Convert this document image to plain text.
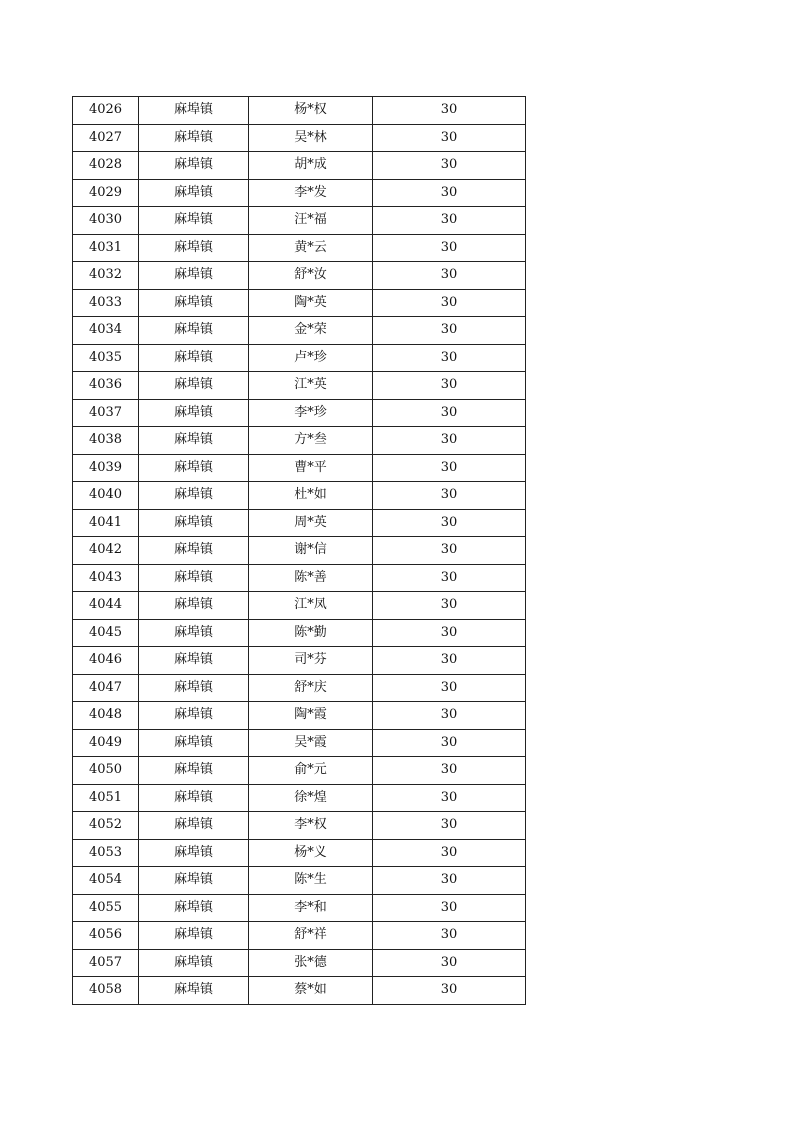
4026	麻埠镇	杨*权	30
4027	麻埠镇	吴*林	30
4028	麻埠镇	胡*成	30
4029	麻埠镇	李*发	30
4030	麻埠镇	汪*福	30
4031	麻埠镇	黄*云	30
4032	麻埠镇	舒*汝	30
4033	麻埠镇	陶*英	30
4034	麻埠镇	金*荣	30
4035	麻埠镇	卢*珍	30
4036	麻埠镇	江*英	30
4037	麻埠镇	李*珍	30
4038	麻埠镇	方*叁	30
4039	麻埠镇	曹*平	30
4040	麻埠镇	杜*如	30
4041	麻埠镇	周*英	30
4042	麻埠镇	谢*信	30
4043	麻埠镇	陈*善	30
4044	麻埠镇	江*凤	30
4045	麻埠镇	陈*勤	30
4046	麻埠镇	司*芬	30
4047	麻埠镇	舒*庆	30
4048	麻埠镇	陶*霞	30
4049	麻埠镇	吴*霞	30
4050	麻埠镇	俞*元	30
4051	麻埠镇	徐*煌	30
4052	麻埠镇	李*权	30
4053	麻埠镇	杨*义	30
4054	麻埠镇	陈*生	30
4055	麻埠镇	李*和	30
4056	麻埠镇	舒*祥	30
4057	麻埠镇	张*德	30
4058	麻埠镇	蔡*如	30
